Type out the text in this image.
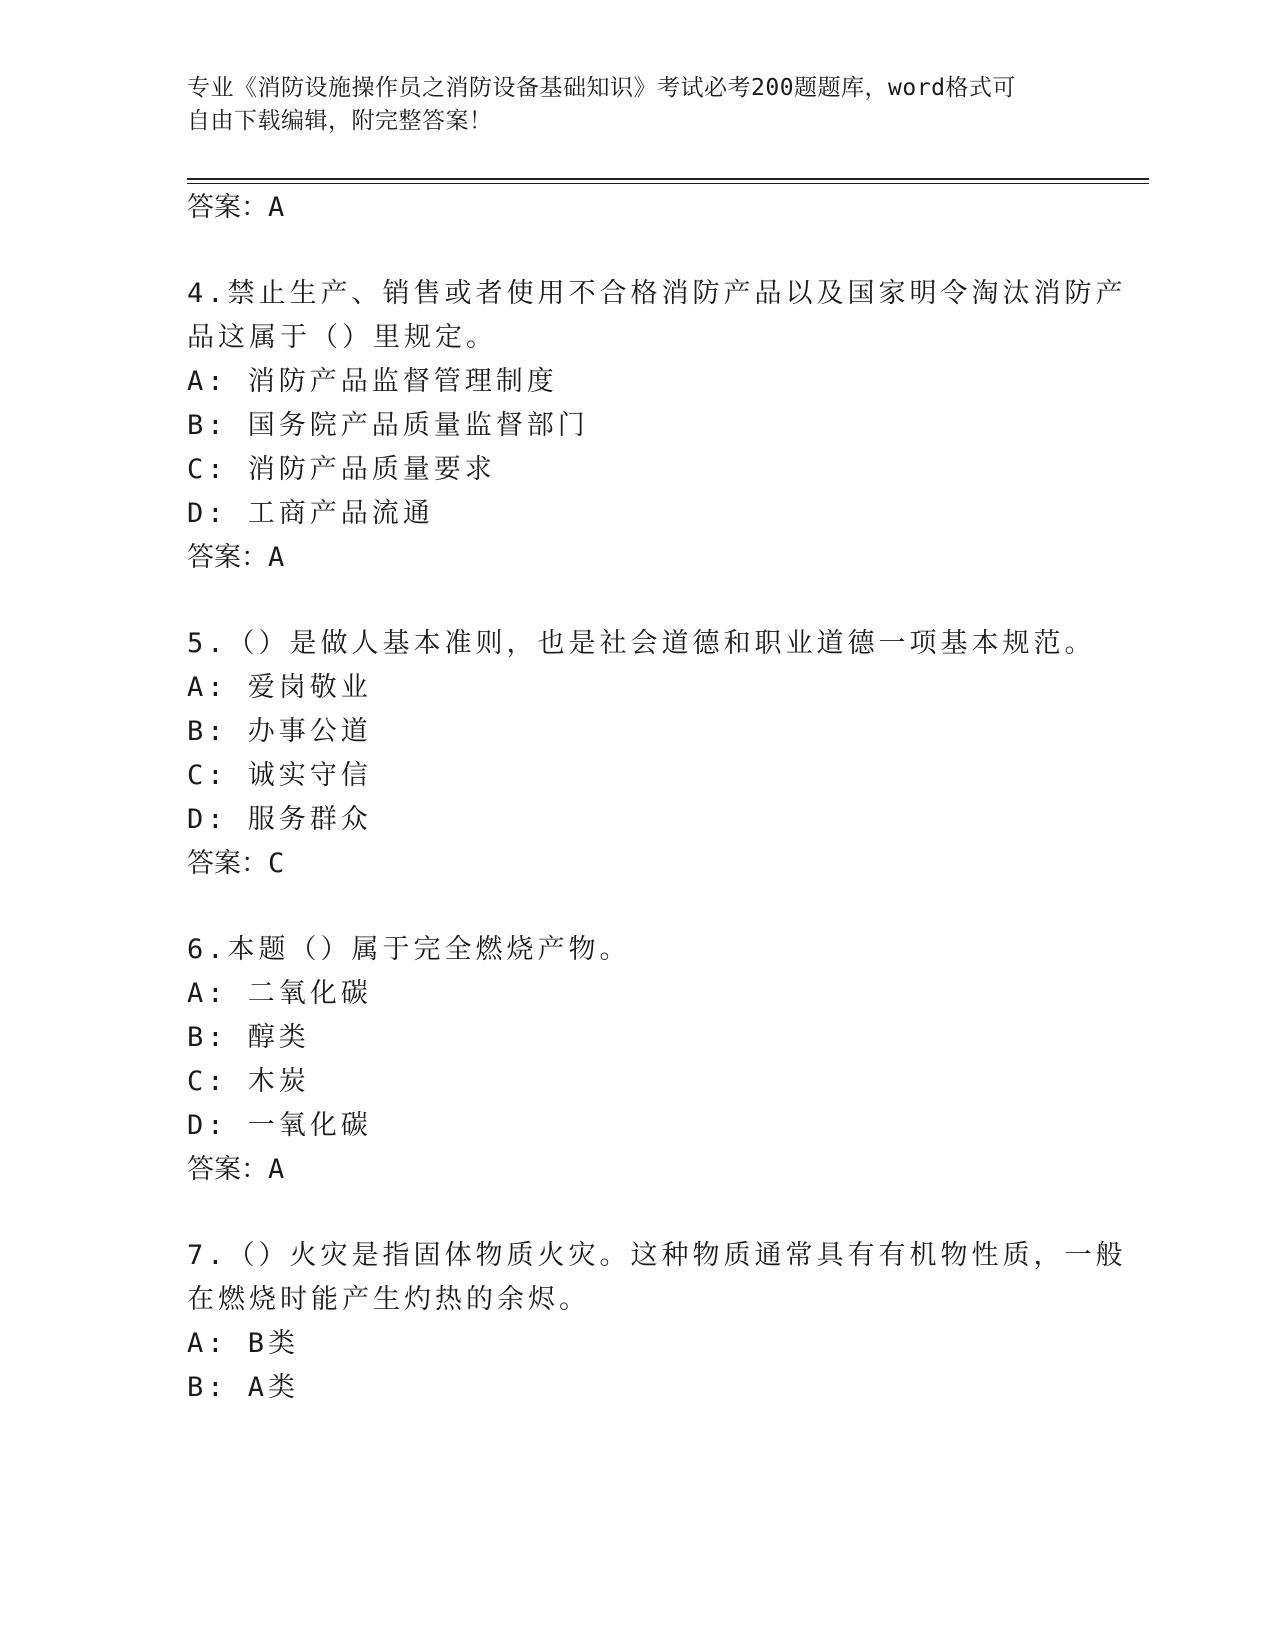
专业《消防设施操作员之消防设备基础知识》考试必考200题题库，word格式可
自由下载编辑，附完整答案！
答案：A
4.禁止生产、销售或者使用不合格消防产品以及国家明令淘汰消防产
品这属于（）里规定。
A: 消防产品监督管理制度
B: 国务院产品质量监督部门
C: 消防产品质量要求
D: 工商产品流通
答案：A
5.（）是做人基本准则，也是社会道德和职业道德一项基本规范。
A: 爱岗敬业
B: 办事公道
C: 诚实守信
D: 服务群众
答案：C
6.本题（）属于完全燃烧产物。
A: 二氧化碳
B: 醇类
C: 木炭
D: 一氧化碳
答案：A
7.（）火灾是指固体物质火灾。这种物质通常具有有机物性质，一般
在燃烧时能产生灼热的余烬。
A: B类
B: A类
